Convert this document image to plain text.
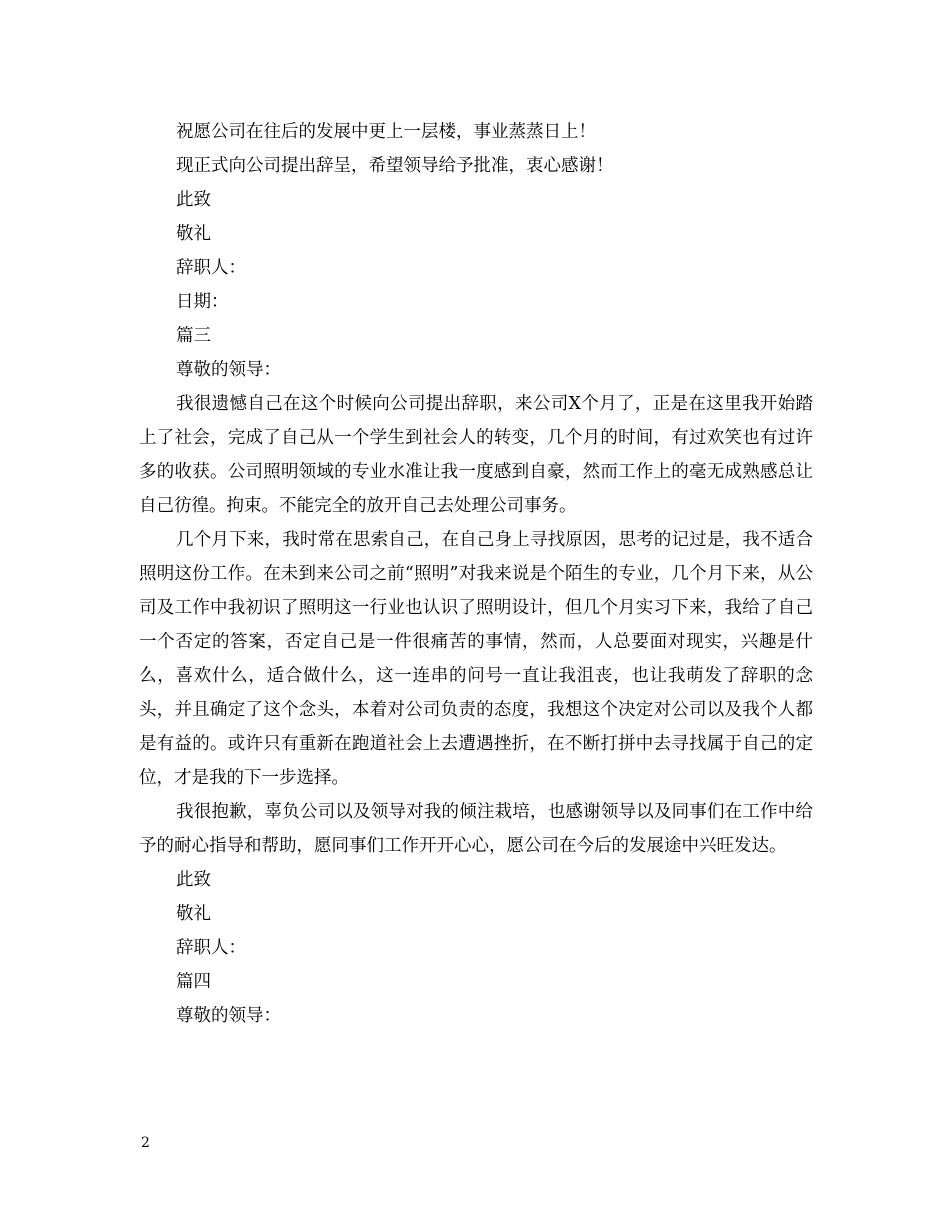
祝愿公司在往后的发展中更上一层楼，事业蒸蒸日上！
现正式向公司提出辞呈，希望领导给予批准，衷心感谢！
此致
敬礼
辞职人：
日期：
篇三
尊敬的领导：

我很遗憾自己在这个时候向公司提出辞职，来公司X个月了，正是在这里我开始踏上了社会，完成了自己从一个学生到社会人的转变，几个月的时间，有过欢笑也有过许多的收获。公司照明领域的专业水准让我一度感到自豪，然而工作上的毫无成熟感总让自己彷徨。拘束。不能完全的放开自己去处理公司事务。

几个月下来，我时常在思索自己，在自己身上寻找原因，思考的记过是，我不适合照明这份工作。在未到来公司之前“照明”对我来说是个陌生的专业，几个月下来，从公司及工作中我初识了照明这一行业也认识了照明设计，但几个月实习下来，我给了自己一个否定的答案，否定自己是一件很痛苦的事情，然而，人总要面对现实，兴趣是什么，喜欢什么，适合做什么，这一连串的问号一直让我沮丧，也让我萌发了辞职的念头，并且确定了这个念头，本着对公司负责的态度，我想这个决定对公司以及我个人都是有益的。或许只有重新在跑道社会上去遭遇挫折，在不断打拼中去寻找属于自己的定位，才是我的下一步选择。

我很抱歉，辜负公司以及领导对我的倾注栽培，也感谢领导以及同事们在工作中给予的耐心指导和帮助，愿同事们工作开开心心，愿公司在今后的发展途中兴旺发达。

此致
敬礼
辞职人：
篇四
尊敬的领导：
2
